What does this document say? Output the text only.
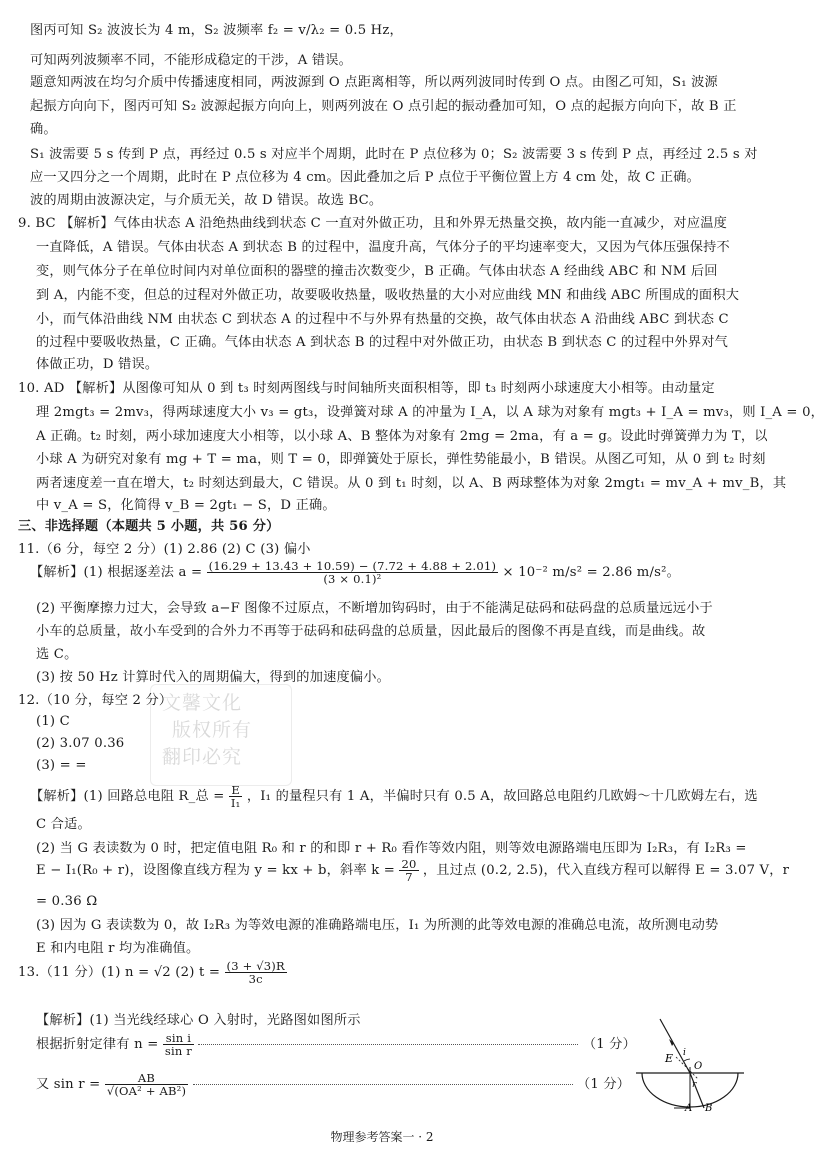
文馨文化
版权所有
翻印必究
图丙可知 S₂ 波波长为 4 m，S₂ 波频率 f₂ = v/λ₂ = 0.5 Hz，
可知两列波频率不同，不能形成稳定的干涉，A 错误。
题意知两波在均匀介质中传播速度相同，两波源到 O 点距离相等，所以两列波同时传到 O 点。由图乙可知，S₁ 波源
起振方向向下，图丙可知 S₂ 波源起振方向向上，则两列波在 O 点引起的振动叠加可知，O 点的起振方向向下，故 B 正
确。
S₁ 波需要 5 s 传到 P 点，再经过 0.5 s 对应半个周期，此时在 P 点位移为 0；S₂ 波需要 3 s 传到 P 点，再经过 2.5 s 对
应一又四分之一个周期，此时在 P 点位移为 4 cm。因此叠加之后 P 点位于平衡位置上方 4 cm 处，故 C 正确。
波的周期由波源决定，与介质无关，故 D 错误。故选 BC。
9. BC 【解析】气体由状态 A 沿绝热曲线到状态 C 一直对外做正功，且和外界无热量交换，故内能一直减少，对应温度
一直降低，A 错误。气体由状态 A 到状态 B 的过程中，温度升高，气体分子的平均速率变大，又因为气体压强保持不
变，则气体分子在单位时间内对单位面积的器壁的撞击次数变少，B 正确。气体由状态 A 经曲线 ABC 和 NM 后回
到 A，内能不变，但总的过程对外做正功，故要吸收热量，吸收热量的大小对应曲线 MN 和曲线 ABC 所围成的面积大
小，而气体沿曲线 NM 由状态 C 到状态 A 的过程中不与外界有热量的交换，故气体由状态 A 沿曲线 ABC 到状态 C
的过程中要吸收热量，C 正确。气体由状态 A 到状态 B 的过程中对外做正功，由状态 B 到状态 C 的过程中外界对气
体做正功，D 错误。
10. AD 【解析】从图像可知从 0 到 t₃ 时刻两图线与时间轴所夹面积相等，即 t₃ 时刻两小球速度大小相等。由动量定
理 2mgt₃ = 2mv₃，得两球速度大小 v₃ = gt₃，设弹簧对球 A 的冲量为 I_A，以 A 球为对象有 mgt₃ + I_A = mv₃，则 I_A = 0，
A 正确。t₂ 时刻，两小球加速度大小相等，以小球 A、B 整体为对象有 2mg = 2ma，有 a = g。设此时弹簧弹力为 T，以
小球 A 为研究对象有 mg + T = ma，则 T = 0，即弹簧处于原长，弹性势能最小，B 错误。从图乙可知，从 0 到 t₂ 时刻
两者速度差一直在增大，t₂ 时刻达到最大，C 错误。从 0 到 t₁ 时刻，以 A、B 两球整体为对象 2mgt₁ = mv_A + mv_B，其
中 v_A = S，化简得 v_B = 2gt₁ − S，D 正确。
三、非选择题（本题共 5 小题，共 56 分）
11.（6 分，每空 2 分）(1) 2.86 (2) C (3) 偏小
【解析】(1) 根据逐差法 $a = \frac{(16.29 + 13.43 + 10.59) - (7.72 + 4.88 + 2.01)}{\text{(3 × 0.1)²}} \times 10^{-2}$ m/s² = 2.86 m/s²。
(2) 平衡摩擦力过大，会导致 a−F 图像不过原点，不断增加钩码时，由于不能满足砝码和砝码盘的总质量远远小于
小车的总质量，故小车受到的合外力不再等于砝码和砝码盘的总质量，因此最后的图像不再是直线，而是曲线。故
选 C。
(3) 按 50 Hz 计算时代入的周期偏大，得到的加速度偏小。
12.（10 分，每空 2 分）
(1) C
(2) 3.07 0.36
(3) = =
【解析】(1) 回路总电阻 R_总 = $\frac{E}{\text{I₁}}$ ，I₁ 的量程只有 1 A，半偏时只有 0.5 A，故回路总电阻约几欧姆～十几欧姆左右，选
C 合适。
(2) 当 G 表读数为 0 时，把定值电阻 R₀ 和 r 的和即 r + R₀ 看作等效内阻，则等效电源路端电压即为 I₂R₃，有 I₂R₃ =
E − I₁(R₀ + r)，设图像直线方程为 y = kx + b，斜率 $k = \frac{20}{7}$ ，且过点 (0.2, 2.5)，代入直线方程可以解得 E = 3.07 V，r
= 0.36 Ω
(3) 因为 G 表读数为 0，故 I₂R₃ 为等效电源的准确路端电压，I₁ 为所测的此等效电源的准确总电流，故所测电动势
E 和内电阻 r 均为准确值。
13.（11 分）(1) n = √2 (2) $t = \frac{(3 + √3)R}{3c}$
【解析】(1) 当光线经球心 O 入射时，光路图如图所示
根据折射定律有 $n = \frac{\text{sin i}}{\text{sin r}}$	（1 分）
又 $\sin r = \frac{AB}{\text{√(OA² + AB²)}}$	（1 分）
E i
O
r
A B
物理参考答案一 · 2
